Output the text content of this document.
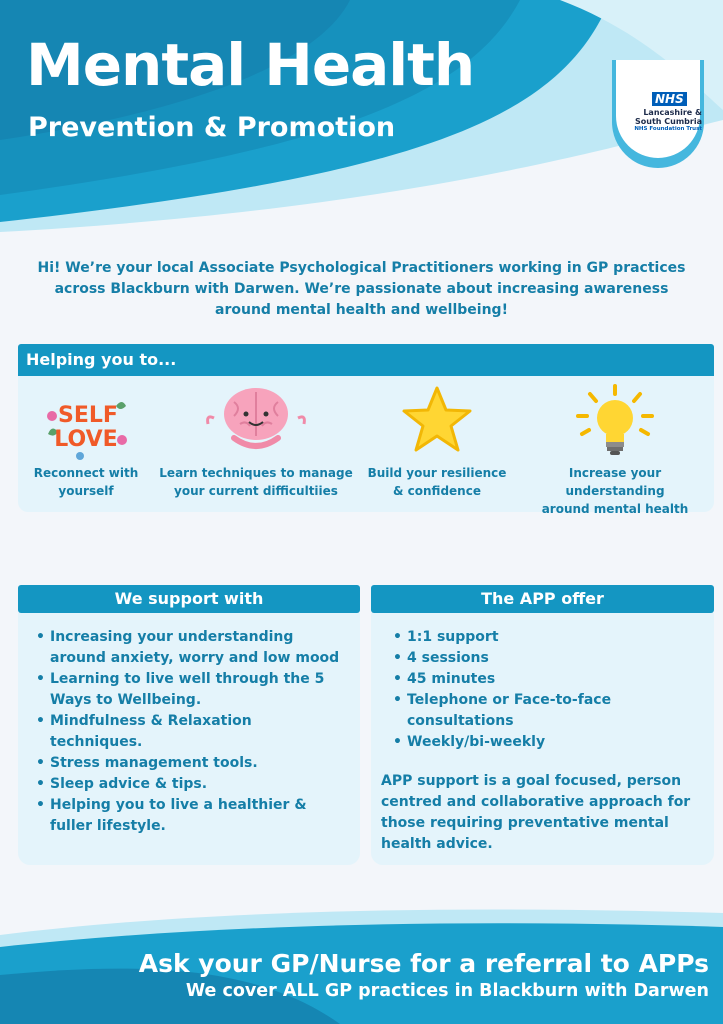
Mental Health
Prevention & Promotion
NHS
Lancashire &
South Cumbria
NHS Foundation Trust
Hi! We’re your local Associate Psychological Practitioners working in GP practices across Blackburn with Darwen. We’re passionate about increasing awareness around mental health and wellbeing!
Helping you to...
SELF
LOVE
Reconnect with
yourself
Learn techniques to manage
your current difficultiies
Build your resilience
& confidence
Increase your understanding
around mental health
We support with
• Increasing your understanding around anxiety, worry and low mood
• Learning to live well through the 5 Ways to Wellbeing.
• Mindfulness & Relaxation techniques.
• Stress management tools.
• Sleep advice & tips.
• Helping you to live a healthier & fuller lifestyle.
The APP offer
• 1:1 support
• 4 sessions
• 45 minutes
• Telephone or Face-to-face consultations
• Weekly/bi-weekly

APP support is a goal focused, person centred and collaborative approach for those requiring preventative mental health advice.

Ask your GP/Nurse for a referral to APPs
We cover ALL GP practices in Blackburn with Darwen
